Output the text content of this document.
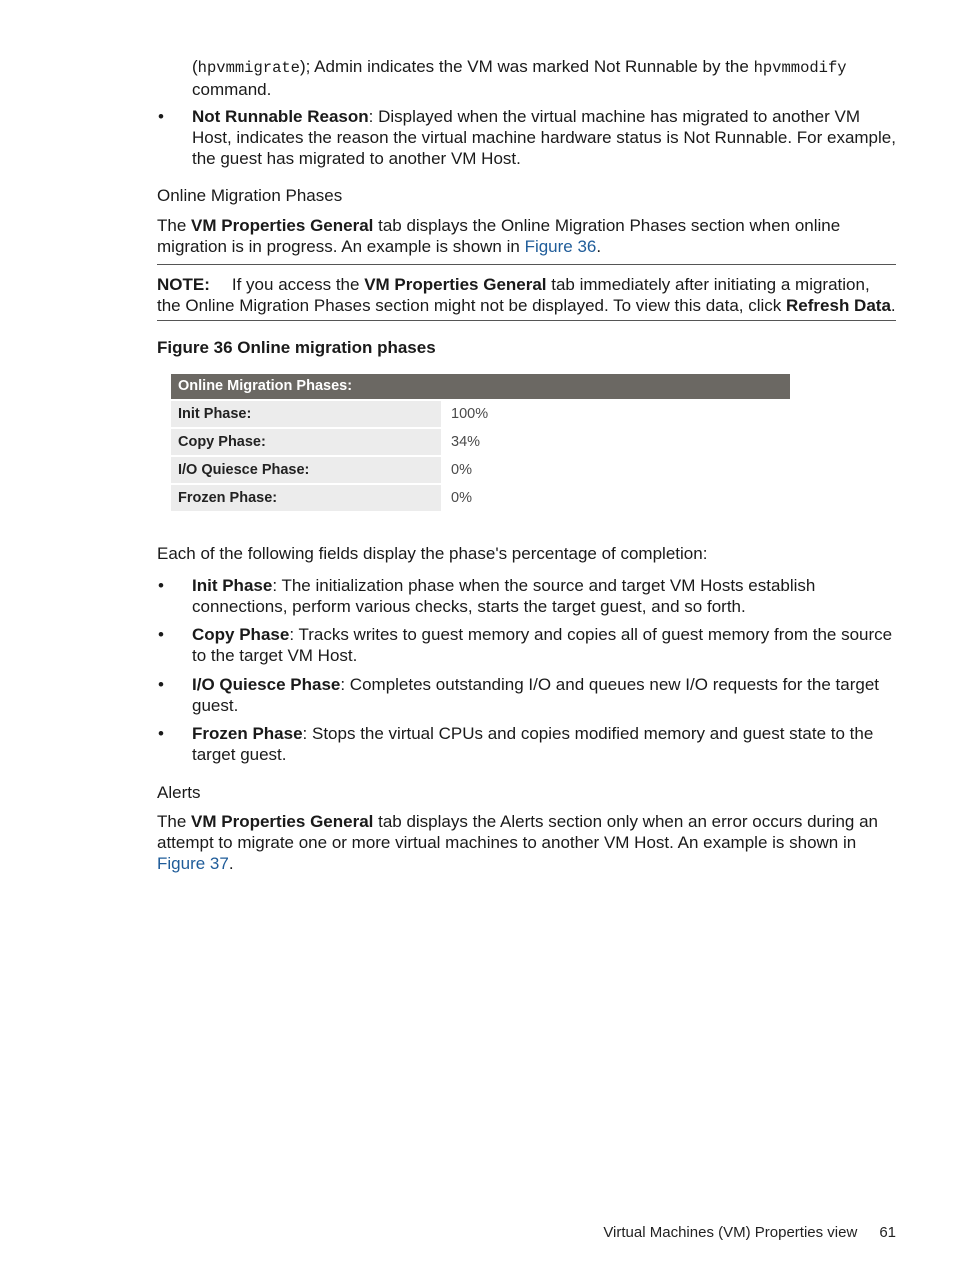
(hpvmmigrate); Admin indicates the VM was marked Not Runnable by the hpvmmodify
command.

• Not Runnable Reason: Displayed when the virtual machine has migrated to another VM Host, indicates the reason the virtual machine hardware status is Not Runnable. For example, the guest has migrated to another VM Host.

Online Migration Phases

The VM Properties General tab displays the Online Migration Phases section when online migration is in progress. An example is shown in Figure 36.

NOTE: If you access the VM Properties General tab immediately after initiating a migration, the Online Migration Phases section might not be displayed. To view this data, click Refresh Data.

Figure 36 Online migration phases

Online Migration Phases:
Init Phase:	100%
Copy Phase:	34%
I/O Quiesce Phase:	0%
Frozen Phase:	0%

Each of the following fields display the phase's percentage of completion:

• Init Phase: The initialization phase when the source and target VM Hosts establish connections, perform various checks, starts the target guest, and so forth.

• Copy Phase: Tracks writes to guest memory and copies all of guest memory from the source to the target VM Host.

• I/O Quiesce Phase: Completes outstanding I/O and queues new I/O requests for the target guest.

• Frozen Phase: Stops the virtual CPUs and copies modified memory and guest state to the target guest.

Alerts

The VM Properties General tab displays the Alerts section only when an error occurs during an attempt to migrate one or more virtual machines to another VM Host. An example is shown in Figure 37.

Virtual Machines (VM) Properties view 61
